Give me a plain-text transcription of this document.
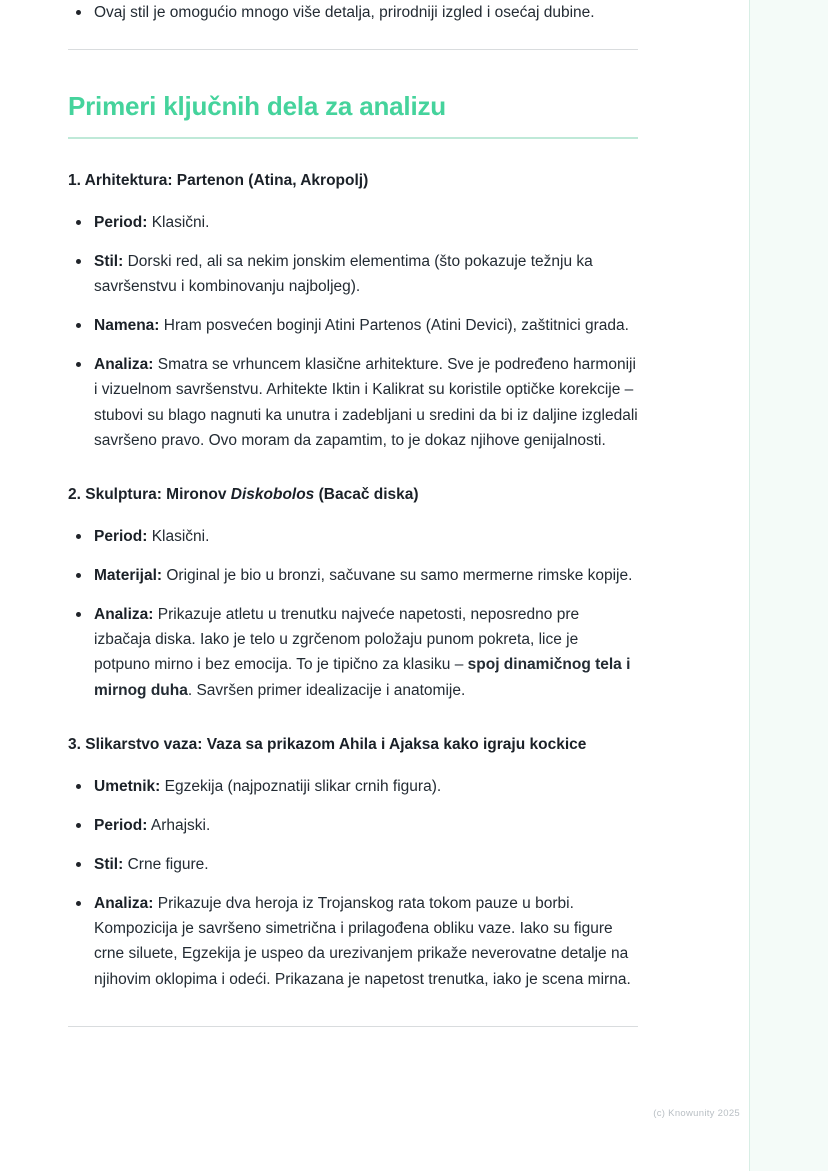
Ovaj stil je omogućio mnogo više detalja, prirodniji izgled i osećaj dubine.
Primeri ključnih dela za analizu
1. Arhitektura: Partenon (Atina, Akropolj)
Period: Klasični.
Stil: Dorski red, ali sa nekim jonskim elementima (što pokazuje težnju ka savršenstvu i kombinovanju najboljeg).
Namena: Hram posvećen boginji Atini Partenos (Atini Devici), zaštitnici grada.
Analiza: Smatra se vrhuncem klasične arhitekture. Sve je podređeno harmoniji i vizuelnom savršenstvu. Arhitekte Iktin i Kalikrat su koristile optičke korekcije – stubovi su blago nagnuti ka unutra i zadebljani u sredini da bi iz daljine izgledali savršeno pravo. Ovo moram da zapamtim, to je dokaz njihove genijalnosti.
2. Skulptura: Mironov Diskobolos (Bacač diska)
Period: Klasični.
Materijal: Original je bio u bronzi, sačuvane su samo mermerne rimske kopije.
Analiza: Prikazuje atletu u trenutku najveće napetosti, neposredno pre izbačaja diska. Iako je telo u zgrčenom položaju punom pokreta, lice je potpuno mirno i bez emocija. To je tipično za klasiku – spoj dinamičnog tela i mirnog duha. Savršen primer idealizacije i anatomije.
3. Slikarstvo vaza: Vaza sa prikazom Ahila i Ajaksa kako igraju kockice
Umetnik: Egzekija (najpoznatiji slikar crnih figura).
Period: Arhajski.
Stil: Crne figure.
Analiza: Prikazuje dva heroja iz Trojanskog rata tokom pauze u borbi. Kompozicija je savršeno simetrična i prilagođena obliku vaze. Iako su figure crne siluete, Egzekija je uspeo da urezivanjem prikaže neverovatne detalje na njihovim oklopima i odeći. Prikazana je napetost trenutka, iako je scena mirna.
(c) Knowunity 2025
